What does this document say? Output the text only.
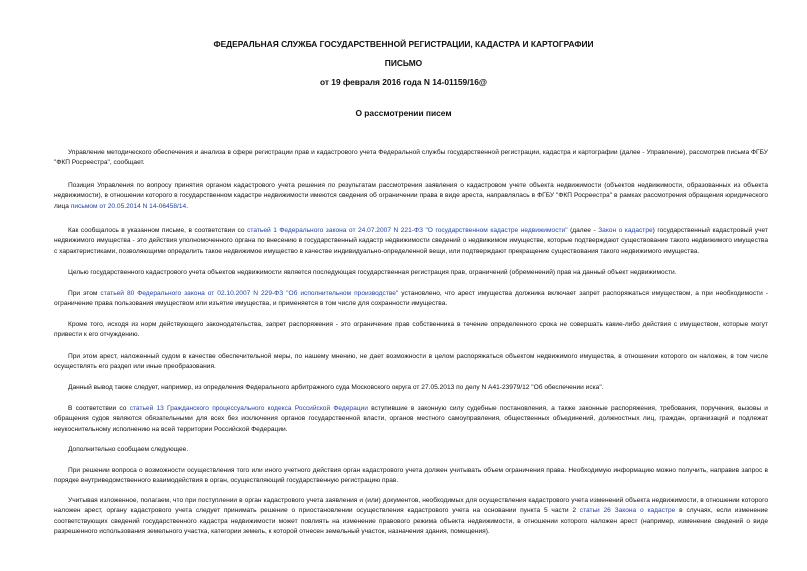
ФЕДЕРАЛЬНАЯ СЛУЖБА ГОСУДАРСТВЕННОЙ РЕГИСТРАЦИИ, КАДАСТРА И КАРТОГРАФИИ
ПИСЬМО
от 19 февраля 2016 года N 14-01159/16@
О рассмотрении писем

Управление методического обеспечения и анализа в сфере регистрации прав и кадастрового учета Федеральной службы государственной регистрации, кадастра и картографии (далее - Управление), рассмотрев письма ФГБУ "ФКП Росреестра", сообщает.

Позиция Управления по вопросу принятия органом кадастрового учета решения по результатам рассмотрения заявления о кадастровом учете объекта недвижимости (объектов недвижимости, образованных из объекта недвижимости), в отношении которого в государственном кадастре недвижимости имеются сведения об ограничении права в виде ареста, направлялась в ФГБУ "ФКП Росреестра" в рамках рассмотрения обращения юридического лица письмом от 20.05.2014 N 14-06458/14.

Как сообщалось в указанном письме, в соответствии со статьей 1 Федерального закона от 24.07.2007 N 221-ФЗ "О государственном кадастре недвижимости" (далее - Закон о кадастре) государственный кадастровый учет недвижимого имущества - это действия уполномоченного органа по внесению в государственный кадастр недвижимости сведений о недвижимом имуществе, которые подтверждают существование такого недвижимого имущества с характеристиками, позволяющими определить такое недвижимое имущество в качестве индивидуально-определенной вещи, или подтверждают прекращение существования такого недвижимого имущества.

Целью государственного кадастрового учета объектов недвижимости является последующая государственная регистрация прав, ограничений (обременений) прав на данный объект недвижимости.

При этом статьей 80 Федерального закона от 02.10.2007 N 229-ФЗ "Об исполнительном производстве" установлено, что арест имущества должника включает запрет распоряжаться имуществом, а при необходимости - ограничение права пользования имуществом или изъятие имущества, и применяется в том числе для сохранности имущества.

Кроме того, исходя из норм действующего законодательства, запрет распоряжения - это ограничение прав собственника в течение определенного срока не совершать какие-либо действия с имуществом, которые могут привести к его отчуждению.

При этом арест, наложенный судом в качестве обеспечительной меры, по нашему мнению, не дает возможности в целом распоряжаться объектом недвижимого имущества, в отношении которого он наложен, в том числе осуществлять его раздел или иные преобразования.

Данный вывод также следует, например, из определения Федерального арбитражного суда Московского округа от 27.05.2013 по делу N А41-23979/12 "Об обеспечении иска".

В соответствии со статьей 13 Гражданского процессуального кодекса Российской Федерации вступившие в законную силу судебные постановления, а также законные распоряжения, требования, поручения, вызовы и обращения судов являются обязательными для всех без исключения органов государственной власти, органов местного самоуправления, общественных объединений, должностных лиц, граждан, организаций и подлежат неукоснительному исполнению на всей территории Российской Федерации.

Дополнительно сообщаем следующее.

При решении вопроса о возможности осуществления того или иного учетного действия орган кадастрового учета должен учитывать объем ограничения права. Необходимую информацию можно получить, направив запрос в порядке внутриведомственного взаимодействия в орган, осуществляющий государственную регистрацию прав.

Учитывая изложенное, полагаем, что при поступлении в орган кадастрового учета заявления и (или) документов, необходимых для осуществления кадастрового учета изменений объекта недвижимости, в отношении которого наложен арест, органу кадастрового учета следует принимать решение о приостановлении осуществления кадастрового учета на основании пункта 5 части 2 статьи 26 Закона о кадастре в случаях, если изменение соответствующих сведений государственного кадастра недвижимости может повлиять на изменение правового режима объекта недвижимости, в отношении которого наложен арест (например, изменение сведений о виде разрешенного использования земельного участка, категории земель, к которой отнесен земельный участок, назначения здания, помещения).
